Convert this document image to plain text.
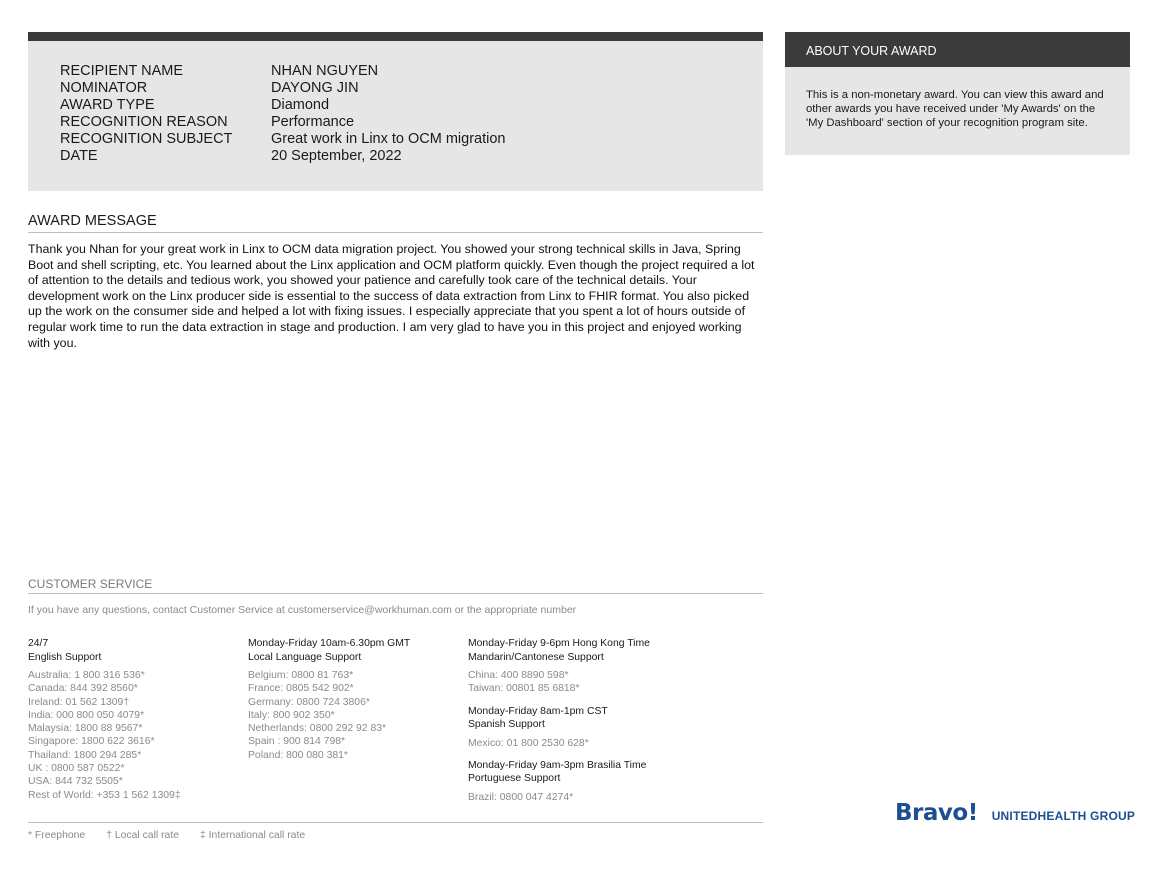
RECIPIENT NAME	NHAN NGUYEN
NOMINATOR	DAYONG JIN
AWARD TYPE	Diamond
RECOGNITION REASON	Performance
RECOGNITION SUBJECT	Great work in Linx to OCM migration
DATE	20 September, 2022
ABOUT YOUR AWARD
This is a non-monetary award. You can view this award and other awards you have received under 'My Awards' on the 'My Dashboard' section of your recognition program site.
AWARD MESSAGE
Thank you Nhan for your great work in Linx to OCM data migration project. You showed your strong technical skills in Java, Spring Boot and shell scripting, etc. You learned about the Linx application and OCM platform quickly. Even though the project required a lot of attention to the details and tedious work, you showed your patience and carefully took care of the technical details. Your development work on the Linx producer side is essential to the success of data extraction from Linx to FHIR format. You also picked up the work on the consumer side and helped a lot with fixing issues. I especially appreciate that you spent a lot of hours outside of regular work time to run the data extraction in stage and production. I am very glad to have you in this project and enjoyed working with you.
CUSTOMER SERVICE
If you have any questions, contact Customer Service at customerservice@workhuman.com or the appropriate number
24/7
English Support
Australia: 1 800 316 536*
Canada: 844 392 8560*
Ireland: 01 562 1309†
India: 000 800 050 4079*
Malaysia: 1800 88 9567*
Singapore: 1800 622 3616*
Thailand: 1800 294 285*
UK : 0800 587 0522*
USA: 844 732 5505*
Rest of World: +353 1 562 1309‡
Monday-Friday 10am-6.30pm GMT
Local Language Support
Belgium: 0800 81 763*
France: 0805 542 902*
Germany: 0800 724 3806*
Italy: 800 902 350*
Netherlands: 0800 292 92 83*
Spain : 900 814 798*
Poland: 800 080 381*
Monday-Friday 9-6pm Hong Kong Time
Mandarin/Cantonese Support
China: 400 8890 598*
Taiwan: 00801 85 6818*
Monday-Friday 8am-1pm CST
Spanish Support
Mexico: 01 800 2530 628*
Monday-Friday 9am-3pm Brasilia Time
Portuguese Support
Brazil: 0800 047 4274*
* Freephone † Local call rate ‡ International call rate
Bravo! UNITEDHEALTH GROUP
